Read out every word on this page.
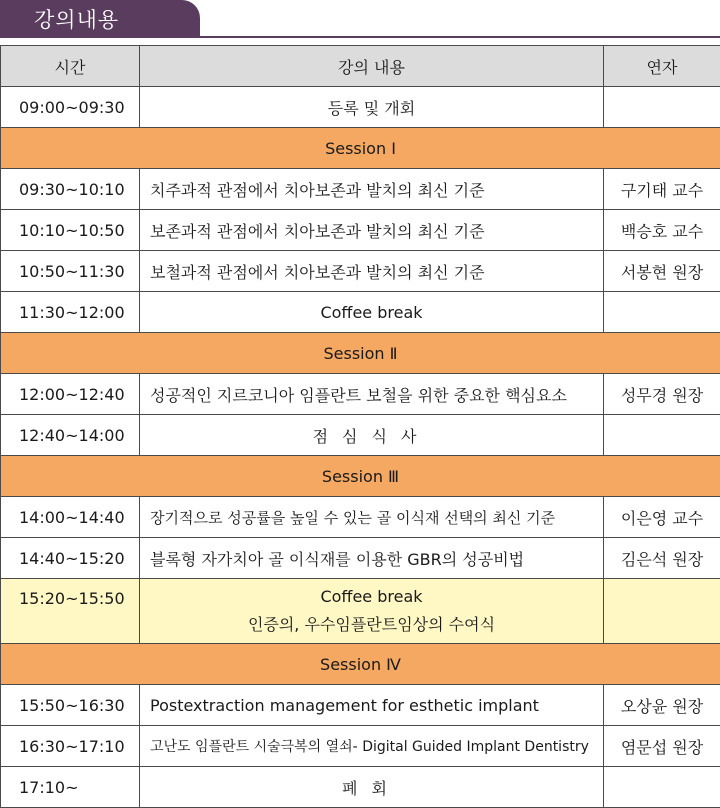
강의내용
시간	강의 내용	연자
09:00~09:30	등록 및 개회	
Session Ⅰ		
09:30~10:10	치주과적 관점에서 치아보존과 발치의 최신 기준	구기태 교수
10:10~10:50	보존과적 관점에서 치아보존과 발치의 최신 기준	백승호 교수
10:50~11:30	보철과적 관점에서 치아보존과 발치의 최신 기준	서봉현 원장
11:30~12:00	Coffee break	
Session Ⅱ		
12:00~12:40	성공적인 지르코니아 임플란트 보철을 위한 중요한 핵심요소	성무경 원장
12:40~14:00	점심식사	
Session Ⅲ		
14:00~14:40	장기적으로 성공률을 높일 수 있는 골 이식재 선택의 최신 기준	이은영 교수
14:40~15:20	블록형 자가치아 골 이식재를 이용한 GBR의 성공비법	김은석 원장
15:20~15:50	Coffee break
인증의, 우수임플란트임상의 수여식	

Session Ⅳ		
15:50~16:30	Postextraction management for esthetic implant	오상윤 원장
16:30~17:10	고난도 임플란트 시술극복의 열쇠- Digital Guided Implant Dentistry	염문섭 원장
17:10~	폐회	
